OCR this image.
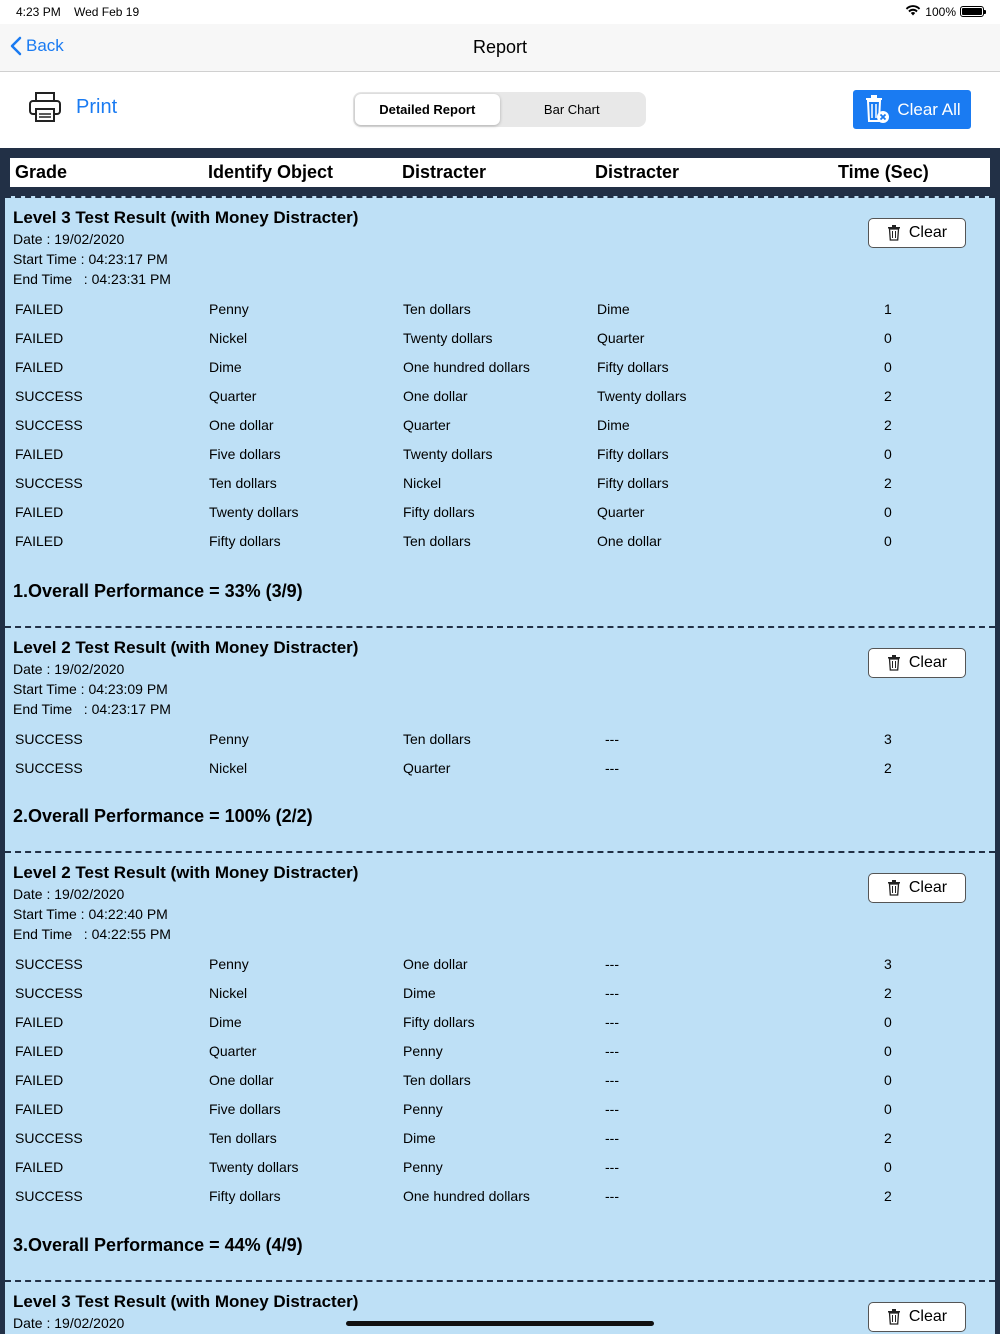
4:23 PM Wed Feb 19	100%
Back	Report
Print	Detailed Report	Bar Chart	Clear All
Grade	Identify Object	Distracter	Distracter	Time (Sec)
Level 3 Test Result (with Money Distracter)
Date : 19/02/2020
Start Time : 04:23:17 PM
End Time   : 04:23:31 PM
Clear
FAILED	Penny	Ten dollars	Dime	1
FAILED	Nickel	Twenty dollars	Quarter	0
FAILED	Dime	One hundred dollars	Fifty dollars	0
SUCCESS	Quarter	One dollar	Twenty dollars	2
SUCCESS	One dollar	Quarter	Dime	2
FAILED	Five dollars	Twenty dollars	Fifty dollars	0
SUCCESS	Ten dollars	Nickel	Fifty dollars	2
FAILED	Twenty dollars	Fifty dollars	Quarter	0
FAILED	Fifty dollars	Ten dollars	One dollar	0
1.Overall Performance = 33% (3/9)
Level 2 Test Result (with Money Distracter)
Date : 19/02/2020
Start Time : 04:23:09 PM
End Time   : 04:23:17 PM
Clear
SUCCESS	Penny	Ten dollars	---	3
SUCCESS	Nickel	Quarter	---	2
2.Overall Performance = 100% (2/2)
Level 2 Test Result (with Money Distracter)
Date : 19/02/2020
Start Time : 04:22:40 PM
End Time   : 04:22:55 PM
Clear
SUCCESS	Penny	One dollar	---	3
SUCCESS	Nickel	Dime	---	2
FAILED	Dime	Fifty dollars	---	0
FAILED	Quarter	Penny	---	0
FAILED	One dollar	Ten dollars	---	0
FAILED	Five dollars	Penny	---	0
SUCCESS	Ten dollars	Dime	---	2
FAILED	Twenty dollars	Penny	---	0
SUCCESS	Fifty dollars	One hundred dollars	---	2
3.Overall Performance = 44% (4/9)
Level 3 Test Result (with Money Distracter)
Date : 19/02/2020	Clear
